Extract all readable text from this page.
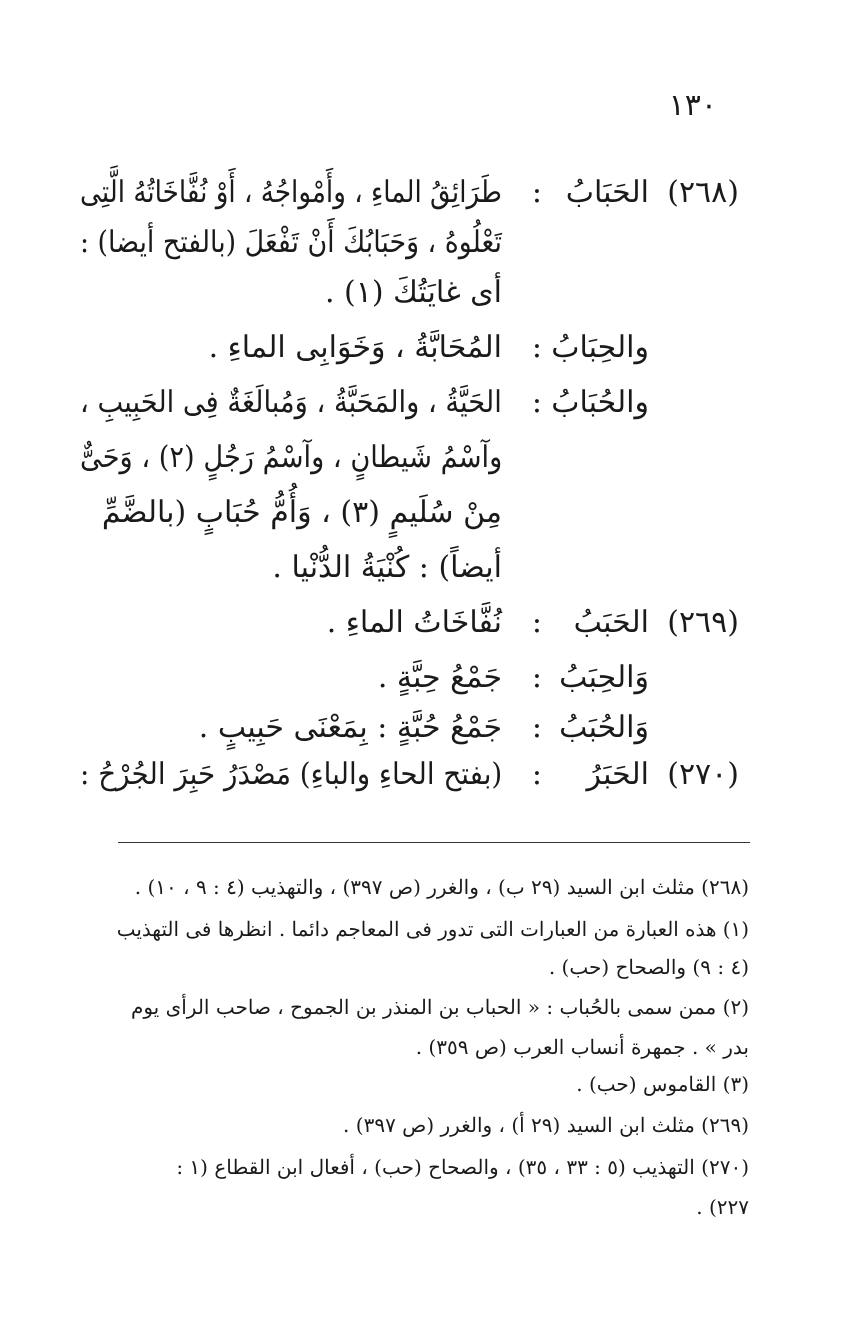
١٣٠
(٢٦٨)
الحَبَابُ
:
طَرَائِقُ الماءِ ، وأَمْواجُهُ ، أَوْ نُفَّاخَاتُهُ الَّتِى
تَعْلُوهُ ، وَحَبَابُكَ أَنْ تَفْعَلَ (بالفتح أيضا) :
أى غايَتُكَ (١) .
والحِبَابُ
:
المُحَابَّةُ ، وَخَوَابِى الماءِ .
والحُبَابُ
:
الحَيَّةُ ، والمَحَبَّةُ ، وَمُبالَغَةٌ فِى الحَبِيبِ ،
وآسْمُ شَيطانٍ ، وآسْمُ رَجُلٍ (٢) ، وَحَىٌّ
مِنْ سُلَيمٍ (٣) ، وَأُمُّ حُبَابٍ (بالضَّمِّ
أيضاً) : كُنْيَةُ الدُّنْيا .
(٢٦٩)
الحَبَبُ
:
نُفَّاخَاتُ الماءِ .
وَالحِبَبُ
:
جَمْعُ حِبَّةٍ .
وَالحُبَبُ
:
جَمْعُ حُبَّةٍ : بِمَعْنَى حَبِيبٍ .
(٢٧٠)
الحَبَرُ
:
(بفتح الحاءِ والباءِ) مَصْدَرُ حَبِرَ الجُرْحُ :
(٢٦٨) مثلث ابن السيد (٢٩ ب) ، والغرر (ص ٣٩٧) ، والتهذيب (٤ : ٩ ، ١٠) .
(١) هذه العبارة من العبارات التى تدور فى المعاجم دائما . انظرها فى التهذيب
(٤ : ٩) والصحاح (حب) .
(٢) ممن سمى بالحُباب : « الحباب بن المنذر بن الجموح ، صاحب الرأى يوم
بدر » . جمهرة أنساب العرب (ص ٣٥٩) .
(٣) القاموس (حب) .
(٢٦٩) مثلث ابن السيد (٢٩ أ) ، والغرر (ص ٣٩٧) .
(٢٧٠) التهذيب (٥ : ٣٣ ، ٣٥) ، والصحاح (حب) ، أفعال ابن القطاع (١ :
٢٢٧) .
